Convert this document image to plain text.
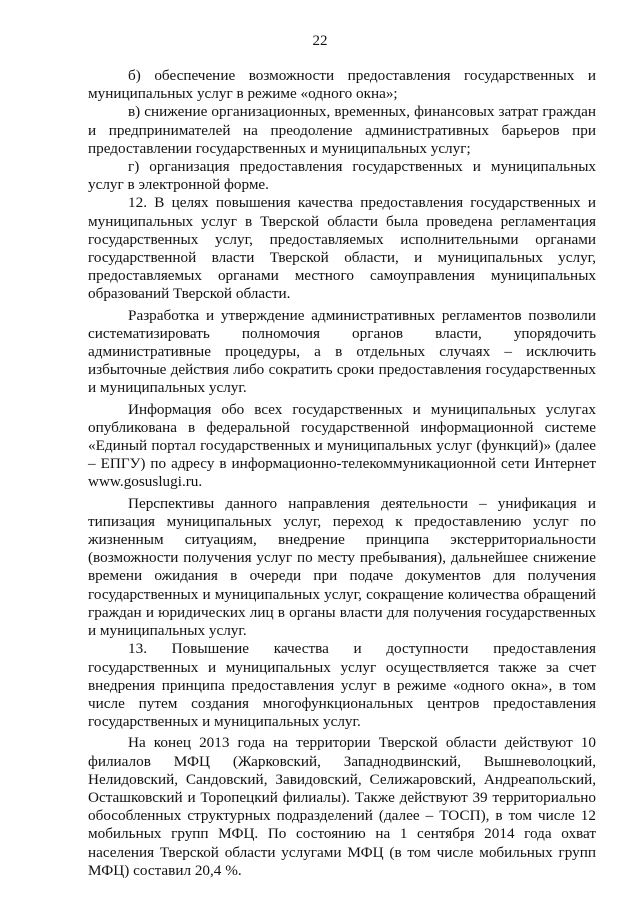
22

б) обеспечение возможности предоставления государственных и муниципальных услуг в режиме «одного окна»;

в) снижение организационных, временных, финансовых затрат граждан и предпринимателей на преодоление административных барьеров при предоставлении государственных и муниципальных услуг;

г) организация предоставления государственных и муниципальных услуг в электронной форме.

12. В целях повышения качества предоставления государственных и муниципальных услуг в Тверской области была проведена регламентация государственных услуг, предоставляемых исполнительными органами государственной власти Тверской области, и муниципальных услуг, предоставляемых органами местного самоуправления муниципальных образований Тверской области.

Разработка и утверждение административных регламентов позволили систематизировать полномочия органов власти, упорядочить административные процедуры, а в отдельных случаях – исключить избыточные действия либо сократить сроки предоставления государственных и муниципальных услуг.

Информация обо всех государственных и муниципальных услугах опубликована в федеральной государственной информационной системе «Единый портал государственных и муниципальных услуг (функций)» (далее – ЕПГУ) по адресу в информационно-телекоммуникационной сети Интернет www.gosuslugi.ru.

Перспективы данного направления деятельности – унификация и типизация муниципальных услуг, переход к предоставлению услуг по жизненным ситуациям, внедрение принципа экстерриториальности (возможности получения услуг по месту пребывания), дальнейшее снижение времени ожидания в очереди при подаче документов для получения государственных и муниципальных услуг, сокращение количества обращений граждан и юридических лиц в органы власти для получения государственных и муниципальных услуг.

13. Повышение качества и доступности предоставления государственных и муниципальных услуг осуществляется также за счет внедрения принципа предоставления услуг в режиме «одного окна», в том числе путем создания многофункциональных центров предоставления государственных и муниципальных услуг.

На конец 2013 года на территории Тверской области действуют 10 филиалов МФЦ (Жарковский, Западнодвинский, Вышневолоцкий, Нелидовский, Сандовский, Завидовский, Селижаровский, Андреапольский, Осташковский и Торопецкий филиалы). Также действуют 39 территориально обособленных структурных подразделений (далее – ТОСП), в том числе 12 мобильных групп МФЦ. По состоянию на 1 сентября 2014 года охват населения Тверской области услугами МФЦ (в том числе мобильных групп МФЦ) составил 20,4 %.
